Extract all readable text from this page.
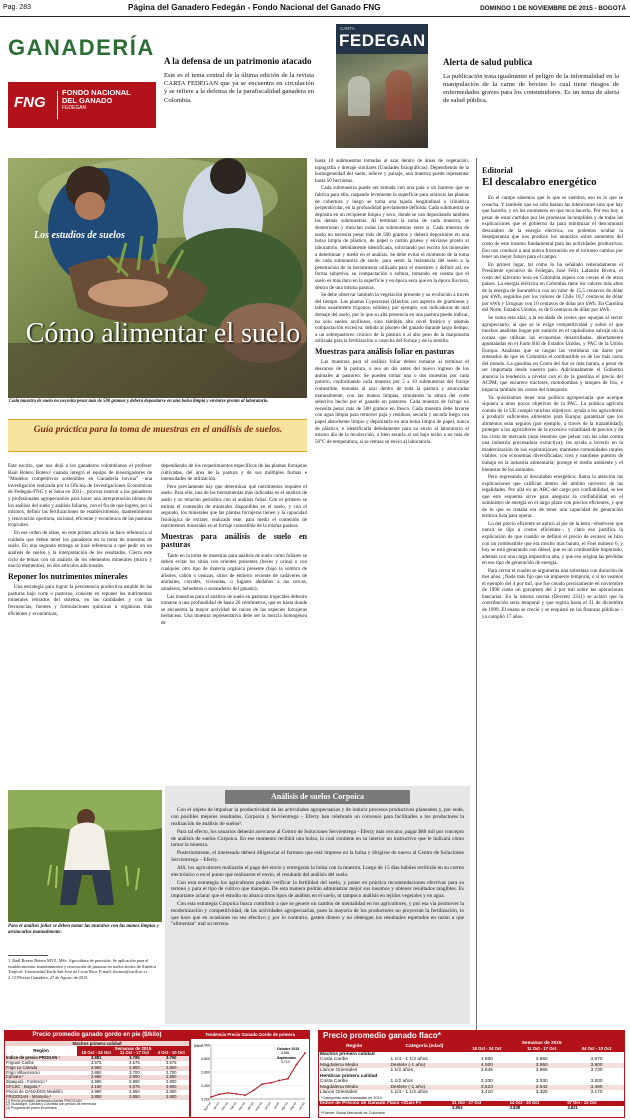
Pag. 283	Página del Ganadero Fedegán - Fondo Nacional del Ganado FNG	DOMINGO 1 DE NOVIEMBRE DE 2015 - BOGOTÁ
GANADERÍA
FNG
FONDO NACIONAL
DEL GANADO
FEDEGAN
A la defensa de un patrimonio atacado
Este es el tema central de la última edición de la revista CARTA FEDEGAN que ya se encuentra en circulación y se refiere a la defensa de la parafiscalidad ganadera en Colombia.
CARTA
FEDEGAN
Alerta de salud publica
La publicación trata igualmente el peligro de la informalidad en la manipulación de la carne de bovino lo cual tiene riesgos de enfermedades graves para los consumidores. Es un tema de alerta de salud pública.
Los estudios de suelos
Cómo alimentar el suelo
Cada muestra de suelo no necesita pesar más de 500 gramos y deberá depositarse en una bolsa limpia y enviarse pronto al laboratorio.
Guía práctica para la toma de muestras en el análisis de suelos.

Este escrito, que nos dejó a los ganaderos colombianos el profesor Raúl Botero Botero¹ cuando integró el equipo de investigadores de "Modelos competitivos sostenibles en Ganadería bovina" –una investigación realizada por la Oficina de Investigaciones Económicas de Fedegán-FNG y el Sena en 2011–, procura instruir a los ganaderos y profesionales agropecuarios para hacer una interpretación idónea de los análisis del suelo y análisis foliares, con el fin de que logren, por sí mismos, definir las fertilizaciones de establecimiento, mantenimiento y renovación oportuna, racional, eficiente y económica de las pasturas tropicales.

En ese orden de ideas, en este primer artículo se hace referencia al cuidado que deben tener los ganaderos en la toma de muestras de suelo. En una segunda entrega se hará referencia a qué pedir en un análisis de suelos y la interpretación de los resultados. Cierra este ciclo de temas con un análisis de los elementos minerales (micro y macro elementos), en dos artículos adicionales.

Reponer los nutrimentos minerales

Una estrategia para lograr la persistencia productiva estable de las pasturas bajo corte o pastoreo, consiste en reponer los nutrimentos minerales retirados del sistema, en las cantidades y con las frecuencias, fuentes y formulaciones químicas u orgánicas más eficientes y económicas,

dependiendo de los requerimientos específicos de las plantas forrajeras cultivadas, del área de la pastura y de sus múltiples formas e intensidades de utilización.

Pero previamente hay que determinar qué nutrimentos requiere el suelo. Para ello, una de las herramientas más indicadas es el análisis de suelo y su relación periódica con el análisis foliar. Con el primero se estima el contenido de minerales disponibles en el suelo, y con el segundo, los minerales que las plantas forrajeras tienen y la capacidad fisiológica de extraer, realizado este, para medir el contenido de nutrimentos minerales en el forraje comestible de la misma pastura.

Muestras para análisis de suelo en pasturas

Tanto en la toma de muestras para análisis de suelo como foliares se deben evitar los sitios con orientes presentes (heces y orina) o con cualquier otro tipo de materia orgánica presente (bajo la sombra de árboles, cañón o cenizas, sitios de entierro reciente de cadáveres de animales, corrales, viviendas, o lugares aledaños a las cercas, saladeros, bebederos o sesteaderos del ganado).

Las muestras para el análisis de suelo en pasturas tropicales deberán tomarse a una profundidad de hasta 20 centímetros, que es hasta donde se encuentra la mayor actividad de raíces de las especies forrajeras herbáceas. Una muestra representativa debe ser la mezcla homogénea de

hasta 10 submuestras tomadas al azar dentro de áreas de vegetación, topografía y drenaje similares (Unidades fisiográficas). Dependiendo de la homogeneidad del suelo, relieve y paisaje, una muestra puede representar hasta 50 hectáreas.

Cada submuestra puede ser tomada con una pala o un barreno que se fabrica para ello, raspando levemente la superficie para arrancar las plantas de cobertura y luego se toma una tajada longitudinal o cilíndrica perpendicular, en la profundidad previamente definida. Cada submuestra se deposita en un recipiente limpio y seco, donde se van depositando también las demás submuestras. Al terminar la toma de cada muestra, se desterronan y mezclan todas las submuestras entre sí. Cada muestra de suelo no necesita pesar más de 500 gramos y deberá depositarse en una bolsa limpia de plástico, de papel o cartón grueso y enviarse pronto al laboratorio, debidamente identificada, solicitando por escrito los minerales a determinar y medir en el análisis. Se debe evitar el momento de la toma de cada submuestra de suelo, para sentir la resistencia del suelo a la penetración de la herramienta utilizada para el muestreo y definir así, en forma subjetiva, su compactación o soltura, tomando en cuenta que el suelo es más duro en la superficie y en época seca que en la época lluviosa, dentro de una misma pastura.

Se debe observar también la vegetación presente y su evolución a través del tiempo. Las plantas Cyperaceas (Hierbas con aspecto de gramíneas y tallos usualmente trígonos, sólidos), por ejemplo, son indicadoras de mal drenaje del suelo, por lo que su alta presencia en una pastura puede indicar, no solo suelos arcillosos, sino también alto nivel freático y además compactación excesiva, debida al pisoteo del ganado durante largo tiempo, a un sobrepastoreo crónico de la pastura o al alto peso de la maquinaria utilizada para la fertilización o cosecha del forraje y de la semilla.

Muestras para análisis foliar en pasturas

Las muestras para el análisis foliar deben tomarse al terminar el descanso de la pastura, o sea un día antes del nuevo ingreso de los animales al pastoreo. Se pueden tomar una o dos muestras por cada potrero, conformando cada muestra por 5 a 10 submuestras del forraje comestible, tomadas al azar dentro de toda la pastura y arrancadas manualmente, con las manos limpias, simulando la altura del corte selectivo hecho por el ganado en pastoreo. Cada muestra de forraje no necesita pesar más de 500 gramos en fresco. Cada muestra debe lavarse con agua limpia para remover paja y residuos, secarla y secarla luego con papel absorbente limpio y depositarla en una bolsa limpia de papel, nunca de plástico, e identificarla debidamente para su envío al laboratorio el mismo día de la recolección, o bien secarla al sol bajo techo a no más de 50°C de temperatura, si se retrasa su envío al laboratorio.

Editorial
El descalabro energético

En el campo sabemos que lo que se siembra, eso es lo que se cosecha. Y también que no sólo bastan las intenciones sino que hay que hacerlo, y en los momentos en que toca hacerlo. Por eso hoy, a pesar de estar curtidos por las promesas incumplidas y de todas las explicaciones que el gobierno da para minimizar el descomunal descalabro de la energía eléctrica, no podemos ocultar la desesperanza que nos produce los anuncios sobre aumentos del costo de este insumo fundamental para las actividades productivas. Eso nos conduce a una nueva frustración en el tortuoso camino por tener un mejor futuro para el campo.

En primer lugar, tal como lo ha señalado reiteradamente el Presidente ejecutivo de Fedegán, José Félix Lafaurie Rivera, el costo del kilovatio hora en Colombia supera con creces el de otros países. La energía eléctrica en Colombia tiene los valores más altos de la energía de Suramérica con un valor de 15,5 centavos de dólar por kWh, seguidos por los valores de Chile 10,7 centavos de dólar por kWh y Uruguay con 10 centavos de dólar por kWh. En Carolina del Norte, Estados Unidos, es de 6 centavos de dólar por kWh.

Se suma esta alza, a la escalada de costos que aquejan al sector agropecuario, al que se le exige competitividad y sobre el que muchos analistas bogan por sumirlo en el capitalismo salvaje sin la coraza que utilizan las economías desarrolladas, abiertamente apuntaladas en el Farm Bill de Estados Unidos, y PAC de la Unión Europa. Analistas que se rasgan las vestiduras sin darse por enterados de que en Colombia el combustible es de los más caros del mundo. La gasolina en Corea del Sur es más barata, a pesar de ser importada desde nuestro país. Adicionalmente el Gobierno anuncia la tendencia a nivelar con el de la gasolina el precio del ACPM, que encarece tractores, motobombas y tanques de frío, e impacta también los costos del transporte.

Ya quisiéramos tener una política agropecuaria que acerque siquiera a unos pocos objetivos de la PAC. La política agrícola común de la UE cumple muchos objetivos: ayuda a los agricultores a producir suficientes alimentos para Europa; garantizar que los alimentos sean seguros (por ejemplo, a través de la trazabilidad); proteger a los agricultores de la excesiva volatilidad de precios y de las crisis de mercado (aquí tenemos que pelear con las uñas contra una industria procesadora extractiva); les ayuda a invertir en la modernización de sus explotaciones; mantiene comunidades rurales viables, con economías diversificadas; crea y mantiene puestos de trabajo en la industria alimentaria; protege el medio ambiente y el bienestar de los animales.

Pero regresando al descalabro energético; llama la atención las explicaciones que califican dentro del ámbito universo de las legalidades. Por allá en un ABC del cargo por confiabilidad, se lee que este esquema sirve para asegurar la confiabilidad en el suministro de energía en el largo plazo con precios eficientes, y que de lo que se trataba era de tener una capacidad de generación térmica lista para operar.

Lo del precio eficiente se aplicó al pie de la letra –obsérvese que nunca se dijo a costos eficientes–, y claro eso justifica la explicación de que cuando se definió el precio de escasez se hizo con un combustible que era mucho más barato, el Fuel número 6, y hoy se está generando con diésel, que es un combustible importado, además con una carga impositiva alta, y que eso origina las pérdidas en ese tipo de generación de energía.

Para cerrar el cuadro se argumenta una sobretasa con duración de tres años. ¡Nada más fijo que un impuesto temporal, o si no veamos el ejemplo del 4 por mil, que fue creado precisamente en noviembre de 1998 como un gravamen del 2 por mil sobre las operaciones bancarias. En la misma norma (Decreto 2331) se aclaró que la contribución sería temporal y que regiría hasta el 31 de diciembre de 1999. El enano se creció y se enquistó en las finanzas públicas –ya cumplió 17 años.

Para el análisis foliar se deben tomar las muestras con las manos limpias y arrancarlas manualmente.
1. Raúl Botero Botero MVZ, MSc. Agricultura de precisión. Se aplicación para el establecimiento, mantenimiento y renovación de pasturas en suelos ácidos de América Tropical. Universidad Earth San José de Costa Rica. E-mail: rbotero@earth.ac.cr
2. CONtexto Ganadero, 27 de Agosto de 2015.
Análisis de suelos Corpoica

Con el objeto de impulsar la productividad de las actividades agropecuarias y de inducir procesos productivos planeados y, por ende, con posibles mejores resultados, Corpoica y Servientrega – Efecty han celebrado un convenio para facilitarles a los productores la realización de análisis de suelos².

Para tal efecto, los usuarios deberán acercarse al Centro de Soluciones Servientrega - Efecty más cercano, pagar $88 mil por concepto de análisis de suelos Corpoica. En ese momento recibirá una bolsa, la cual contiene en su interior un instructivo que le indicará cómo tomar la muestra.

Posteriormente, el interesado deberá diligenciar el formato que está impreso en la bolsa y dirigirse de nuevo al Centro de Soluciones Servientrega – Efecty.

Allí, los agricultores realizarán el pago del envío y entregarán la bolsa con la muestra. Luego de 15 días hábiles recibirán en su correo electrónico o en el punto que realizaron el envío, el resultado del análisis del suelo.

Con esta estrategia los agricultores podrán verificar la fertilidad del suelo, y poner en práctica recomendaciones efectivas para su terreno y para el tipo de cultivo que manejan. De esta manera podrán administrar mejor sus insumos y obtener resultados tangibles. Es importante aclarar que el estudio no abarca otros tipos de análisis en el suelo, ni tampoco análisis en tejidos vegetales y en agua.

Con esta estrategia Corpoica busca contribuir a que se genere un cambio de mentalidad en los agricultores, y por esa vía promover la modernización y competitividad, de las actividades agropecuarias, pues la mayoría de los productores no proyectan la fertilización, lo que hace que en ocasiones no sea efectivo y por lo contrario, gasten dinero y no obtengan los resultados esperados en razón a que "alimentan" mal su terreno.

Precio promedio ganado gordo en pie ($/kilo)
Machos primera calidad
Región	Semanas de 2015		
	18 Oct - 24 Oct	11 Oct - 17 Oct	4 Oct - 10 Oct
Índice de precio PROGAN ¹	3.881	3.785	3.760
Frigoan-Caribe	3.575	3.575	3.575
Frigo La Cánada	3.950	3.900	3.800
Frigo Villavicencio	3.860	3.700	3.700
Cámara ²	3.980	3.900	3.850
Zipaquirá - Fontercio ³	3.990	3.900	3.800
CFCSC - Bogotá ³	4.150	4.075	3.900
Precio de GANADOS Medellín	3.990	3.950	3.900
FRIGOGAN - Montería ²	3.850	3.850	3.800
(1) Precio promedio ponderado plantas FRIGOGAN
(2) Guadalupe, Cámara y Colombia son precios de referencia
(3) Programa de precio en primera
Tendencia Precio Ganado Gordo de primera
4.000
3.800
3.600
3.400
3.200
$/kilo
Nov-14 dic-14 ene-15 feb-15 mar-15 abr-15 may-15 jun-15 jul-15 ago-15 sep-15 oct-15
Octubre 2015
3.881
Septiembre
3.710
Precio promedio ganado flaco*
Región	Categoría (edad)	Semanas de 2015		
		18 Oct - 24 Oct	11 Oct - 17 Oct	04 Oct - 10 Oct
Machos primera calidad				
Costa Caribe	1 1/4 - 1 1/2 años	3.800	3.650	3.670
Magdalena Medio	Destete (-1 año)	4.000	3.950	3.900
Llanos Orientales	1 1/2 años	3.845	3.865	3.730
Hembras primera calidad				
Costa Caribe	1 1/2 años	3.330	3.330	3.200
Magdalena Medio	Destete (-1 año)	3.523	3.542	3.490
Llanos Orientales	1 1/4 - 1 1/2 años	3.410	3.325	3.170
*Categorías más transadas en 2014
Índice de Precios de Ganado Flaco «IGan-F»	21 Oct - 27 Oct	14 Oct - 20 Oct	07 Oct - 13 Oct
	3.853	3.838	3.821
*Fuente: Bolsa Mercantil de Colombia
